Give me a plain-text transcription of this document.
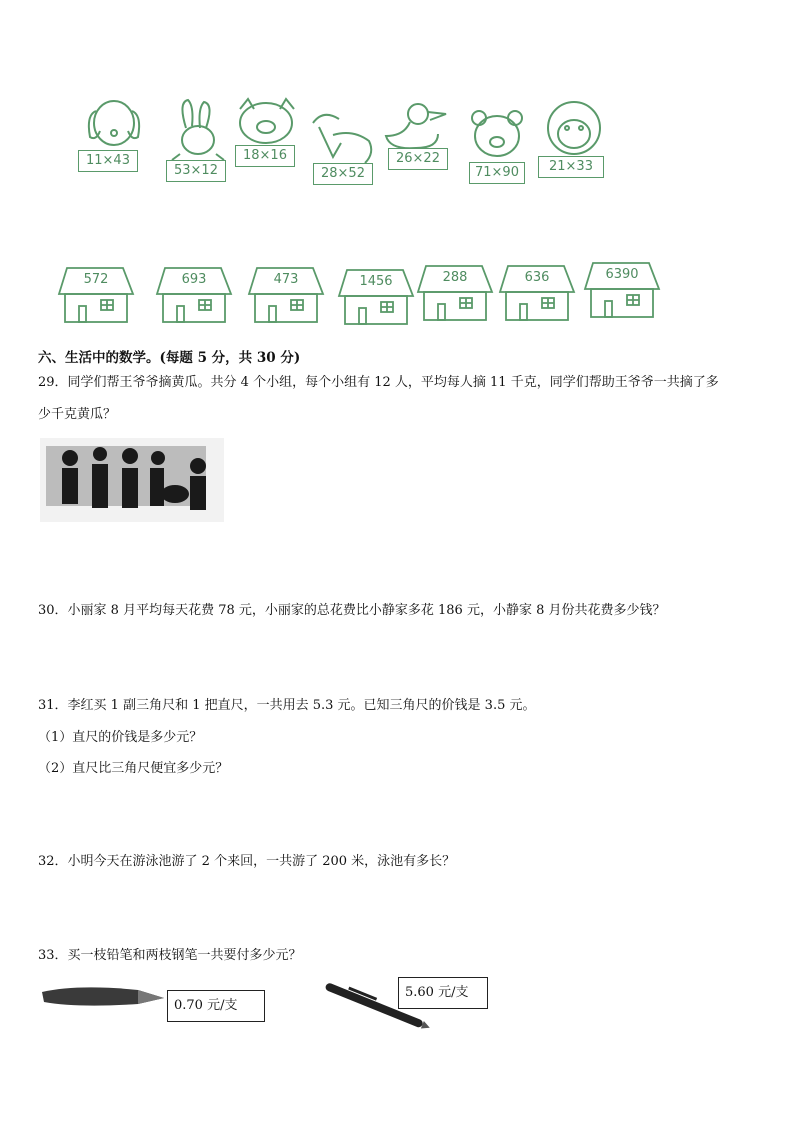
11×43
53×12
18×16
28×52
26×22
71×90	21×33
572	693	473	1456	288	636	6390
六、生活中的数学。(每题 5 分，共 30 分)
29．同学们帮王爷爷摘黄瓜。共分 4 个小组，每个小组有 12 人，平均每人摘 11 千克，同学们帮助王爷爷一共摘了多
少千克黄瓜？
30．小丽家 8 月平均每天花费 78 元，小丽家的总花费比小静家多花 186 元，小静家 8 月份共花费多少钱？
31．李红买 1 副三角尺和 1 把直尺，一共用去 5.3 元。已知三角尺的价钱是 3.5 元。
（1）直尺的价钱是多少元？
（2）直尺比三角尺便宜多少元？
32．小明今天在游泳池游了 2 个来回，一共游了 200 米，泳池有多长？
33．买一枝铅笔和两枝钢笔一共要付多少元？
0.70 元/支
5.60 元/支
